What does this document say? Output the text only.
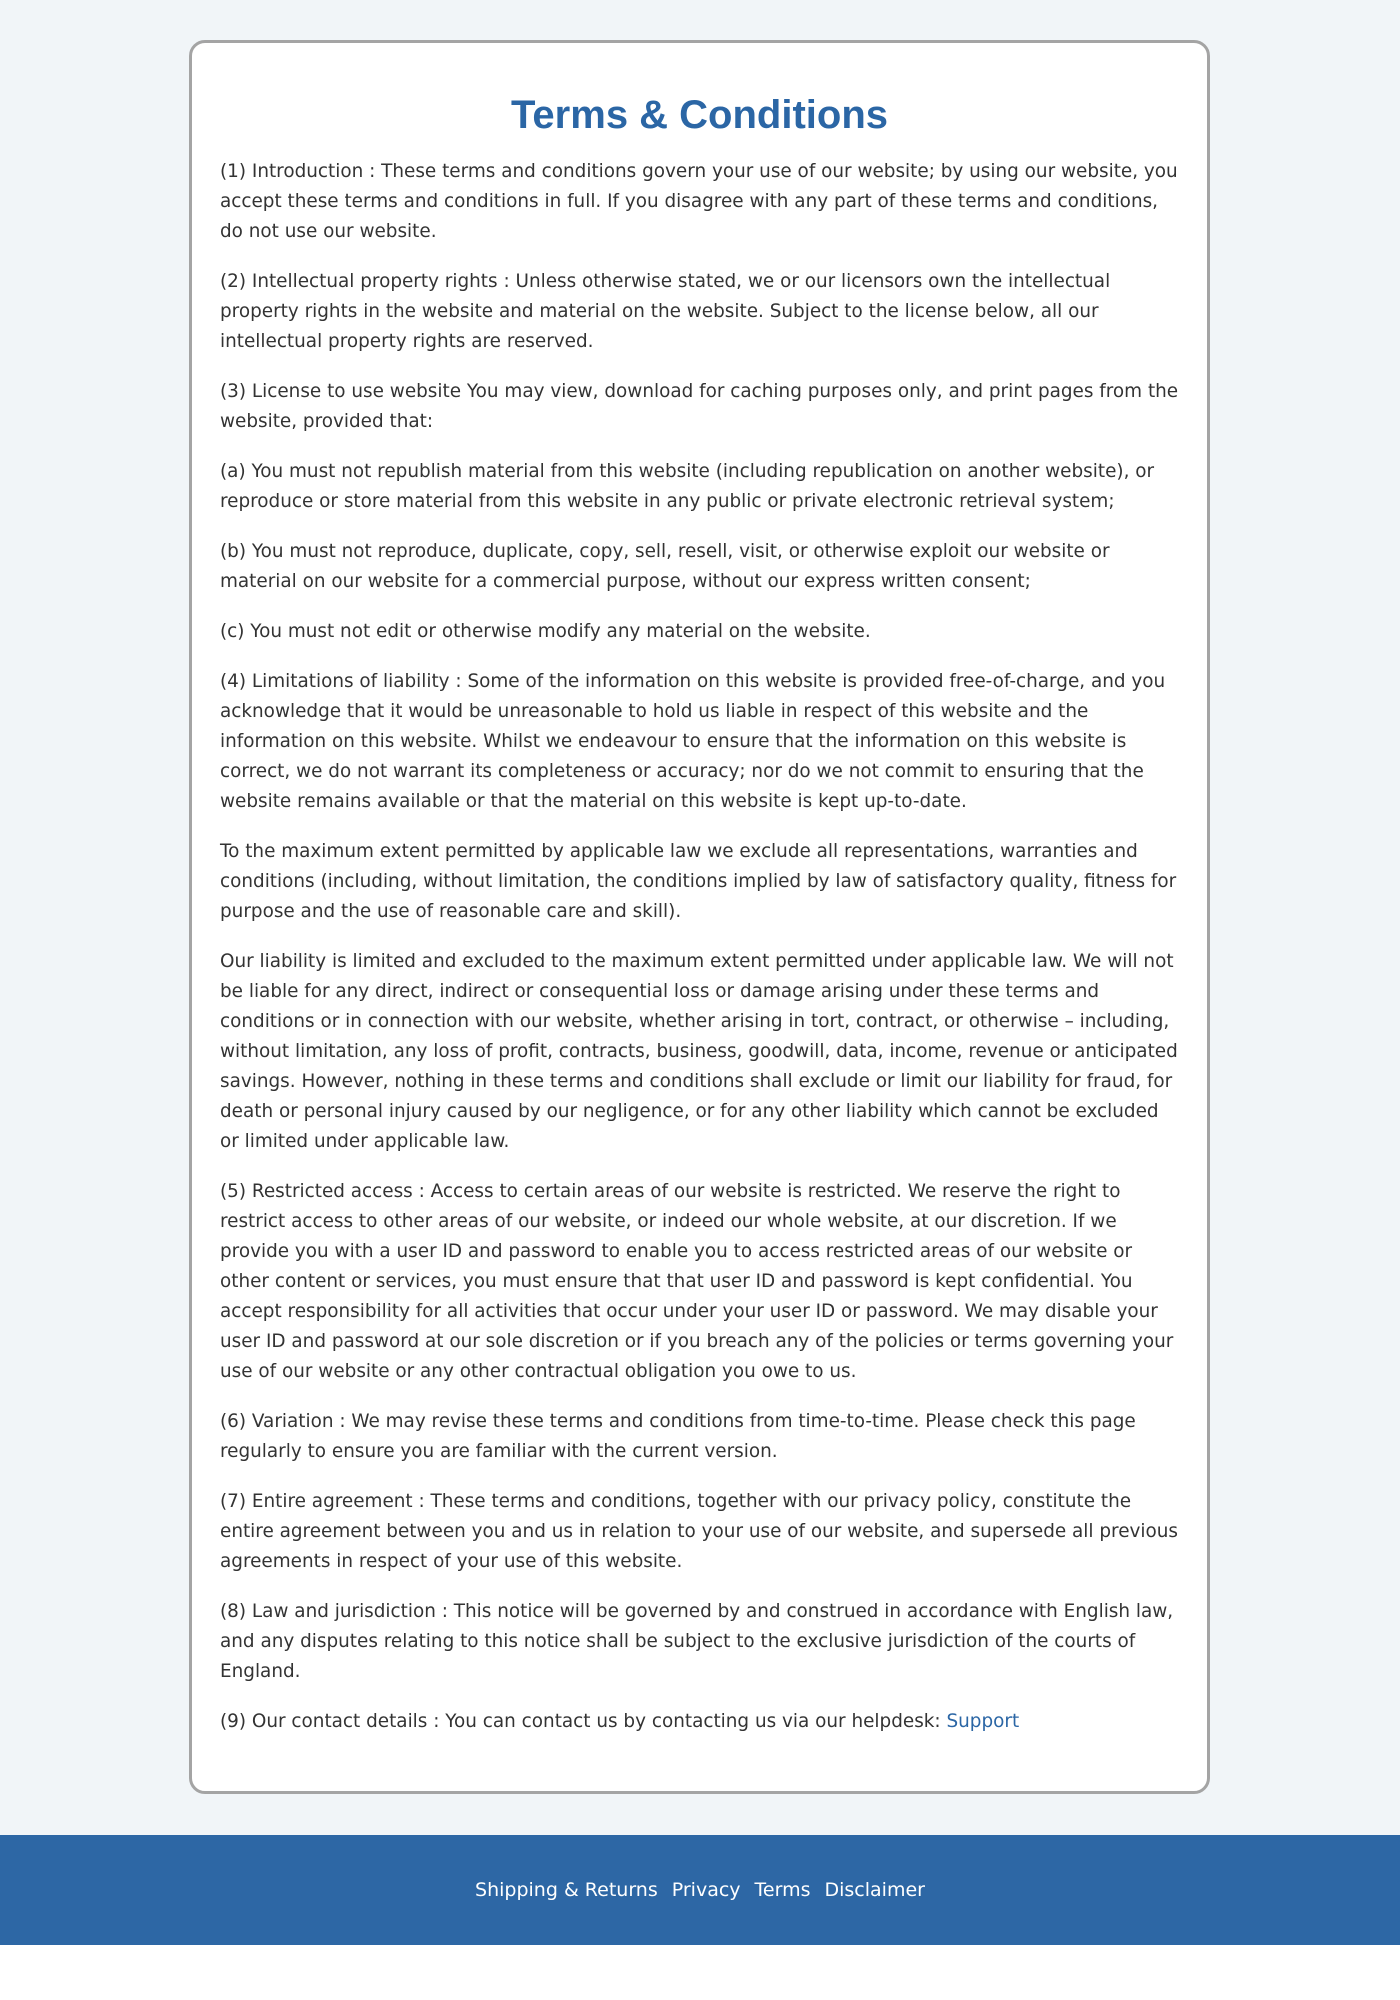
Terms & Conditions

(1) Introduction : These terms and conditions govern your use of our website; by using our website, you accept these terms and conditions in full. If you disagree with any part of these terms and conditions, do not use our website.

(2) Intellectual property rights : Unless otherwise stated, we or our licensors own the intellectual property rights in the website and material on the website. Subject to the license below, all our intellectual property rights are reserved.

(3) License to use website You may view, download for caching purposes only, and print pages from the website, provided that:

(a) You must not republish material from this website (including republication on another website), or reproduce or store material from this website in any public or private electronic retrieval system;

(b) You must not reproduce, duplicate, copy, sell, resell, visit, or otherwise exploit our website or material on our website for a commercial purpose, without our express written consent;

(c) You must not edit or otherwise modify any material on the website.

(4) Limitations of liability : Some of the information on this website is provided free-of-charge, and you acknowledge that it would be unreasonable to hold us liable in respect of this website and the information on this website. Whilst we endeavour to ensure that the information on this website is correct, we do not warrant its completeness or accuracy; nor do we not commit to ensuring that the website remains available or that the material on this website is kept up-to-date.

To the maximum extent permitted by applicable law we exclude all representations, warranties and conditions (including, without limitation, the conditions implied by law of satisfactory quality, fitness for purpose and the use of reasonable care and skill).

Our liability is limited and excluded to the maximum extent permitted under applicable law. We will not be liable for any direct, indirect or consequential loss or damage arising under these terms and conditions or in connection with our website, whether arising in tort, contract, or otherwise – including, without limitation, any loss of profit, contracts, business, goodwill, data, income, revenue or anticipated savings. However, nothing in these terms and conditions shall exclude or limit our liability for fraud, for death or personal injury caused by our negligence, or for any other liability which cannot be excluded or limited under applicable law.

(5) Restricted access : Access to certain areas of our website is restricted. We reserve the right to restrict access to other areas of our website, or indeed our whole website, at our discretion. If we provide you with a user ID and password to enable you to access restricted areas of our website or other content or services, you must ensure that that user ID and password is kept confidential. You accept responsibility for all activities that occur under your user ID or password. We may disable your user ID and password at our sole discretion or if you breach any of the policies or terms governing your use of our website or any other contractual obligation you owe to us.

(6) Variation : We may revise these terms and conditions from time-to-time. Please check this page regularly to ensure you are familiar with the current version.

(7) Entire agreement : These terms and conditions, together with our privacy policy, constitute the entire agreement between you and us in relation to your use of our website, and supersede all previous agreements in respect of your use of this website.

(8) Law and jurisdiction : This notice will be governed by and construed in accordance with English law, and any disputes relating to this notice shall be subject to the exclusive jurisdiction of the courts of England.

(9) Our contact details : You can contact us by contacting us via our helpdesk: Support

Shipping & Returns Privacy Terms Disclaimer
